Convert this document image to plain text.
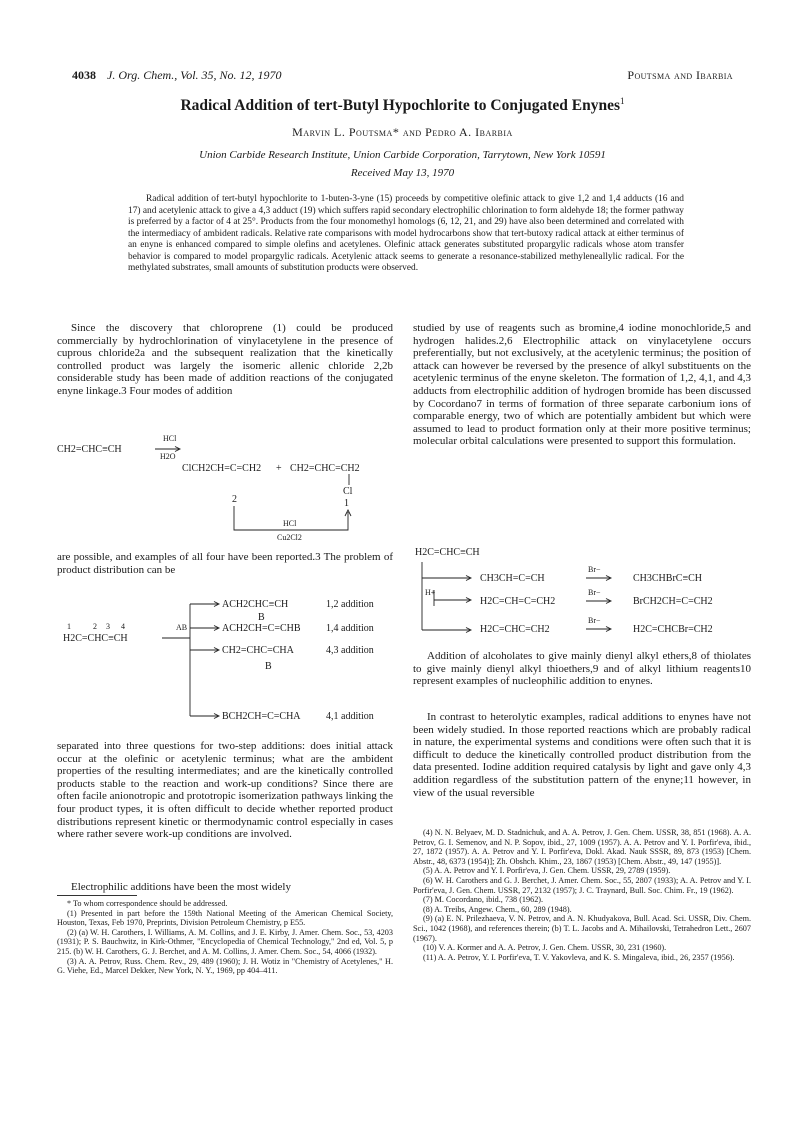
4038 J. Org. Chem., Vol. 35, No. 12, 1970	Poutsma and Ibarbia
Radical Addition of tert-Butyl Hypochlorite to Conjugated Enynes$^1$
Marvin L. Poutsma* and Pedro A. Ibarbia
Union Carbide Research Institute, Union Carbide Corporation, Tarrytown, New York 10591
Received May 13, 1970
Radical addition of tert-butyl hypochlorite to 1-buten-3-yne (15) proceeds by competitive olefinic attack to give 1,2 and 1,4 adducts (16 and 17) and acetylenic attack to give a 4,3 adduct (19) which suffers rapid secondary electrophilic chlorination to form aldehyde 18; the former pathway is preferred by a factor of 4 at 25°. Products from the four monomethyl homologs (6, 12, 21, and 29) have also been determined and correlated with the intermediacy of ambident radicals. Relative rate comparisons with model hydrocarbons show that tert-butoxy radical attack at either terminus of an enyne is enhanced compared to simple olefins and acetylenes. Olefinic attack generates substituted propargylic radicals whose atom transfer behavior is compared to model propargylic radicals. Acetylenic attack seems to generate a resonance-stabilized methyleneallylic radical. For the methylated substrates, small amounts of substitution products were observed.

Since the discovery that chloroprene (1) could be produced commercially by hydrochlorination of vinylacetylene in the presence of cuprous chloride2a and the subsequent realization that the kinetically controlled product was largely the isomeric allenic chloride 2,2b considerable study has been made of addition reactions of the conjugated enyne linkage.3 Four modes of addition

CH2=CHC≡CH
HCl
H2O
ClCH2CH=C=CH2 + CH2=CHC=CH2
Cl
2	1
HCl
Cu2Cl2

are possible, and examples of all four have been reported.3 The problem of product distribution can be

1	2 3 4
H2C=CHC≡CH
AB
ACH2CHC≡CH
B
1,2 addition
ACH2CH=C=CHB	1,4 addition
CH2=CHC=CHA
B
4,3 addition
BCH2CH=C=CHA	4,1 addition

separated into three questions for two-step additions: does initial attack occur at the olefinic or acetylenic terminus; what are the ambident properties of the resulting intermediates; and are the kinetically controlled products stable to the reaction and work-up conditions? Since there are often facile anionotropic and prototropic isomerization pathways linking the four product types, it is often difficult to decide whether reported product distributions represent kinetic or thermodynamic control especially in cases where rather severe work-up conditions are involved.

Electrophilic additions have been the most widely

* To whom correspondence should be addressed.

(1) Presented in part before the 159th National Meeting of the American Chemical Society, Houston, Texas, Feb 1970, Preprints, Division Petroleum Chemistry, p E55.

(2) (a) W. H. Carothers, I. Williams, A. M. Collins, and J. E. Kirby, J. Amer. Chem. Soc., 53, 4203 (1931); P. S. Bauchwitz, in Kirk-Othmer, "Encyclopedia of Chemical Technology," 2nd ed, Vol. 5, p 215. (b) W. H. Carothers, G. J. Berchet, and A. M. Collins, J. Amer. Chem. Soc., 54, 4066 (1932).

(3) A. A. Petrov, Russ. Chem. Rev., 29, 489 (1960); J. H. Wotiz in "Chemistry of Acetylenes," H. G. Viehe, Ed., Marcel Dekker, New York, N. Y., 1969, pp 404–411.

studied by use of reagents such as bromine,4 iodine monochloride,5 and hydrogen halides.2,6 Electrophilic attack on vinylacetylene occurs preferentially, but not exclusively, at the acetylenic terminus; the position of attack can however be reversed by the presence of alkyl substituents on the acetylenic terminus of the enyne skeleton. The formation of 1,2, 4,1, and 4,3 adducts from electrophilic addition of hydrogen bromide has been discussed by Cocordano7 in terms of formation of three separate carbonium ions of comparable energy, two of which are potentially ambident but which were assumed to lead to product formation only at their more positive terminus; molecular orbital calculations were presented to support this formulation.

H2C=CHC≡CH
H+
CH3CH=C=CH
Br−
CH3CHBrC≡CH
H2C=CH=C=CH2
Br−
BrCH2CH=C=CH2
H2C=CHC=CH2
Br−
H2C=CHCBr=CH2

Addition of alcoholates to give mainly dienyl alkyl ethers,8 of thiolates to give mainly dienyl alkyl thioethers,9 and of alkyl lithium reagents10 represent examples of nucleophilic addition to enynes.

In contrast to heterolytic examples, radical additions to enynes have not been widely studied. In those reported reactions which are probably radical in nature, the experimental systems and conditions were often such that it is difficult to deduce the kinetically controlled product distribution from the data presented. Iodine addition required catalysis by light and gave only 4,3 addition regardless of the substitution pattern of the enyne;11 however, in view of the usual reversible

(4) N. N. Belyaev, M. D. Stadnichuk, and A. A. Petrov, J. Gen. Chem. USSR, 38, 851 (1968). A. A. Petrov, G. I. Semenov, and N. P. Sopov, ibid., 27, 1009 (1957). A. A. Petrov and Y. I. Porfir'eva, ibid., 27, 1872 (1957). A. A. Petrov and Y. I. Porfir'eva, Dokl. Akad. Nauk SSSR, 89, 873 (1953) [Chem. Abstr., 48, 6373 (1954)]; Zh. Obshch. Khim., 23, 1867 (1953) [Chem. Abstr., 49, 147 (1955)].

(5) A. A. Petrov and Y. I. Porfir'eva, J. Gen. Chem. USSR, 29, 2789 (1959).

(6) W. H. Carothers and G. J. Berchet, J. Amer. Chem. Soc., 55, 2807 (1933); A. A. Petrov and Y. I. Porfir'eva, J. Gen. Chem. USSR, 27, 2132 (1957); J. C. Traynard, Bull. Soc. Chim. Fr., 19 (1962).

(7) M. Cocordano, ibid., 738 (1962).

(8) A. Treibs, Angew. Chem., 60, 289 (1948).

(9) (a) E. N. Prilezhaeva, V. N. Petrov, and A. N. Khudyakova, Bull. Acad. Sci. USSR, Div. Chem. Sci., 1042 (1968), and references therein; (b) T. L. Jacobs and A. Mihailovski, Tetrahedron Lett., 2607 (1967).

(10) V. A. Kormer and A. A. Petrov, J. Gen. Chem. USSR, 30, 231 (1960).

(11) A. A. Petrov, Y. I. Porfir'eva, T. V. Yakovleva, and K. S. Mingaleva, ibid., 26, 2357 (1956).
